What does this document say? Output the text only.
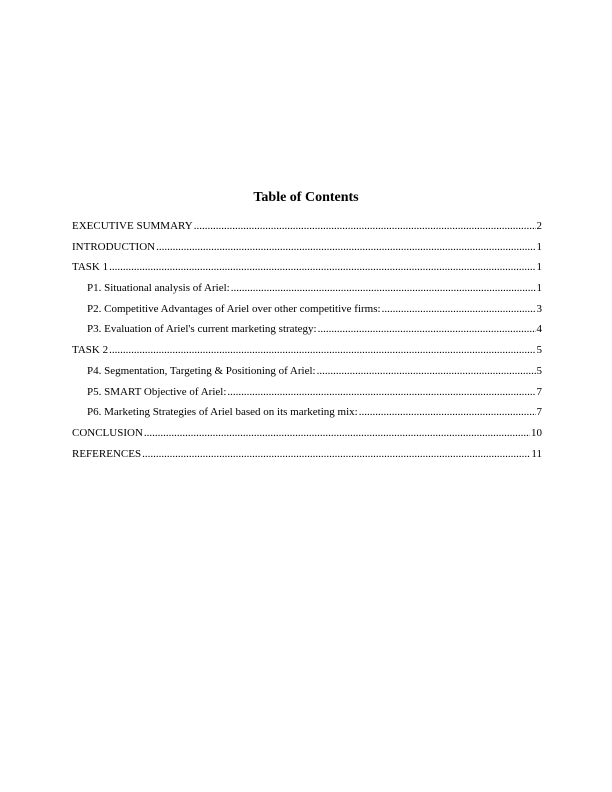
Table of Contents
EXECUTIVE SUMMARY .....	2
INTRODUCTION .....	1
TASK 1 .....	1
P1. Situational analysis of Ariel: .....	1
P2. Competitive Advantages of Ariel over other competitive firms: .....	3
P3. Evaluation of Ariel's current marketing strategy: .....	4
TASK 2 .....	5
P4. Segmentation, Targeting & Positioning of Ariel: .....	5
P5. SMART Objective of Ariel: .....	7
P6. Marketing Strategies of Ariel based on its marketing mix: .....	7
CONCLUSION .....	10
REFERENCES .....	11
